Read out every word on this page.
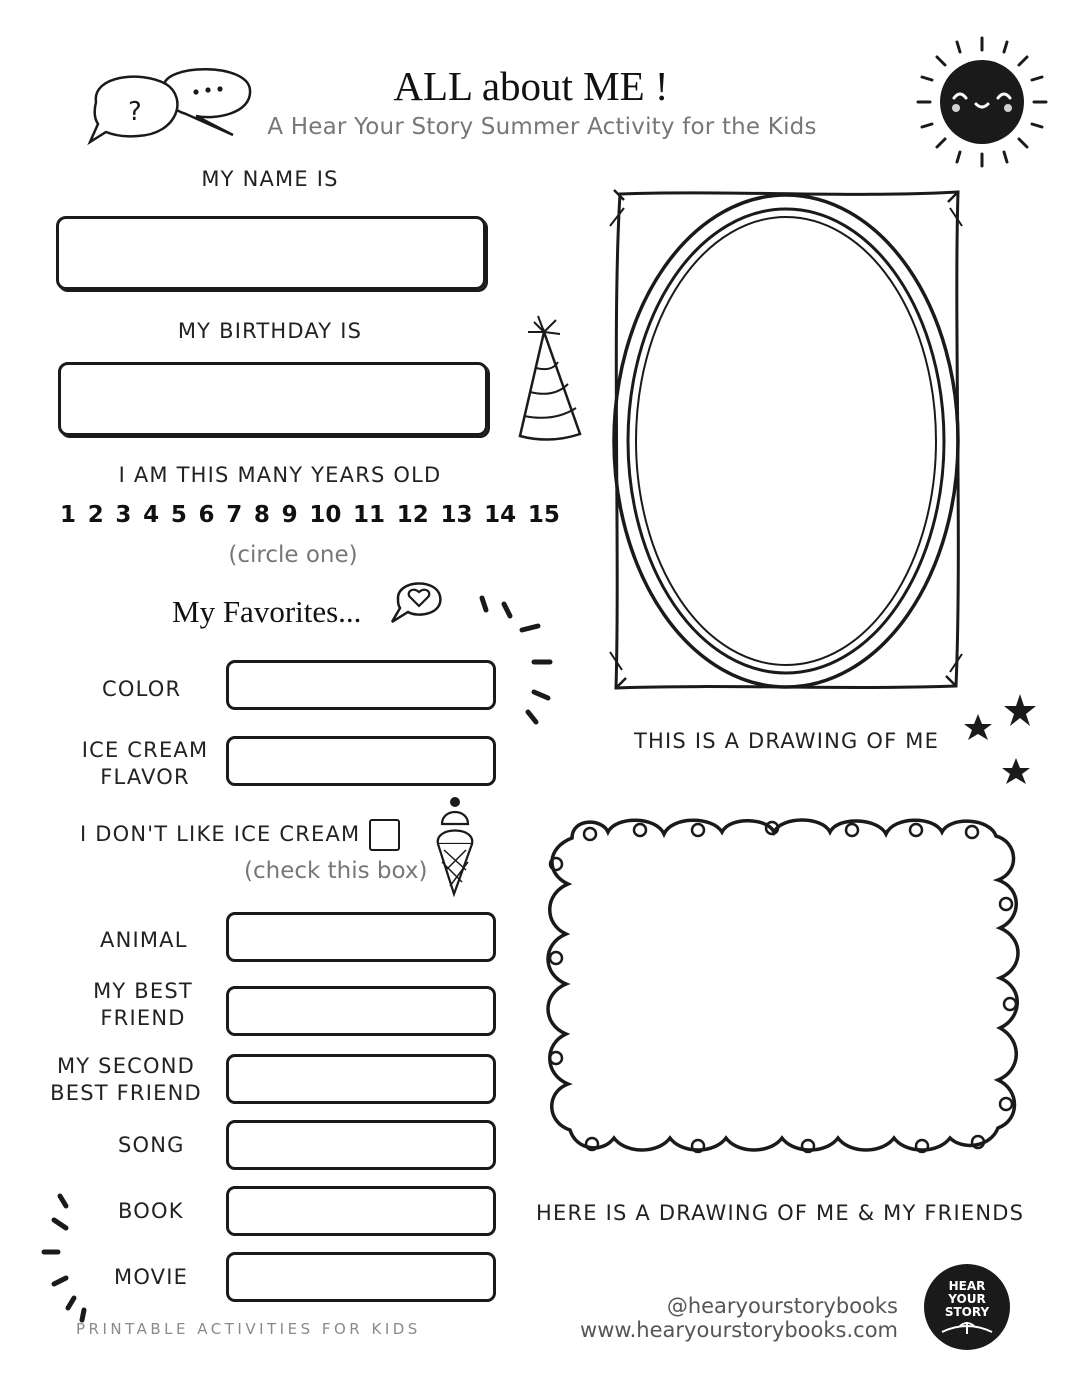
?
ALL about ME !
A Hear Your Story Summer Activity for the Kids
MY NAME IS
MY BIRTHDAY IS
I AM THIS MANY YEARS OLD
1 2 3 4 5 6 7 8 9 10 11 12 13 14 15
(circle one)
My Favorites...
COLOR
ICE CREAM
FLAVOR
I DON'T LIKE ICE CREAM
(check this box)
ANIMAL
MY BEST
FRIEND
MY SECOND
BEST FRIEND
SONG
BOOK
MOVIE
THIS IS A DRAWING OF ME
HERE IS A DRAWING OF ME & MY FRIENDS
@hearyourstorybooks
www.hearyourstorybooks.com
HEAR
YOUR
STORY
PRINTABLE ACTIVITIES FOR KIDS
